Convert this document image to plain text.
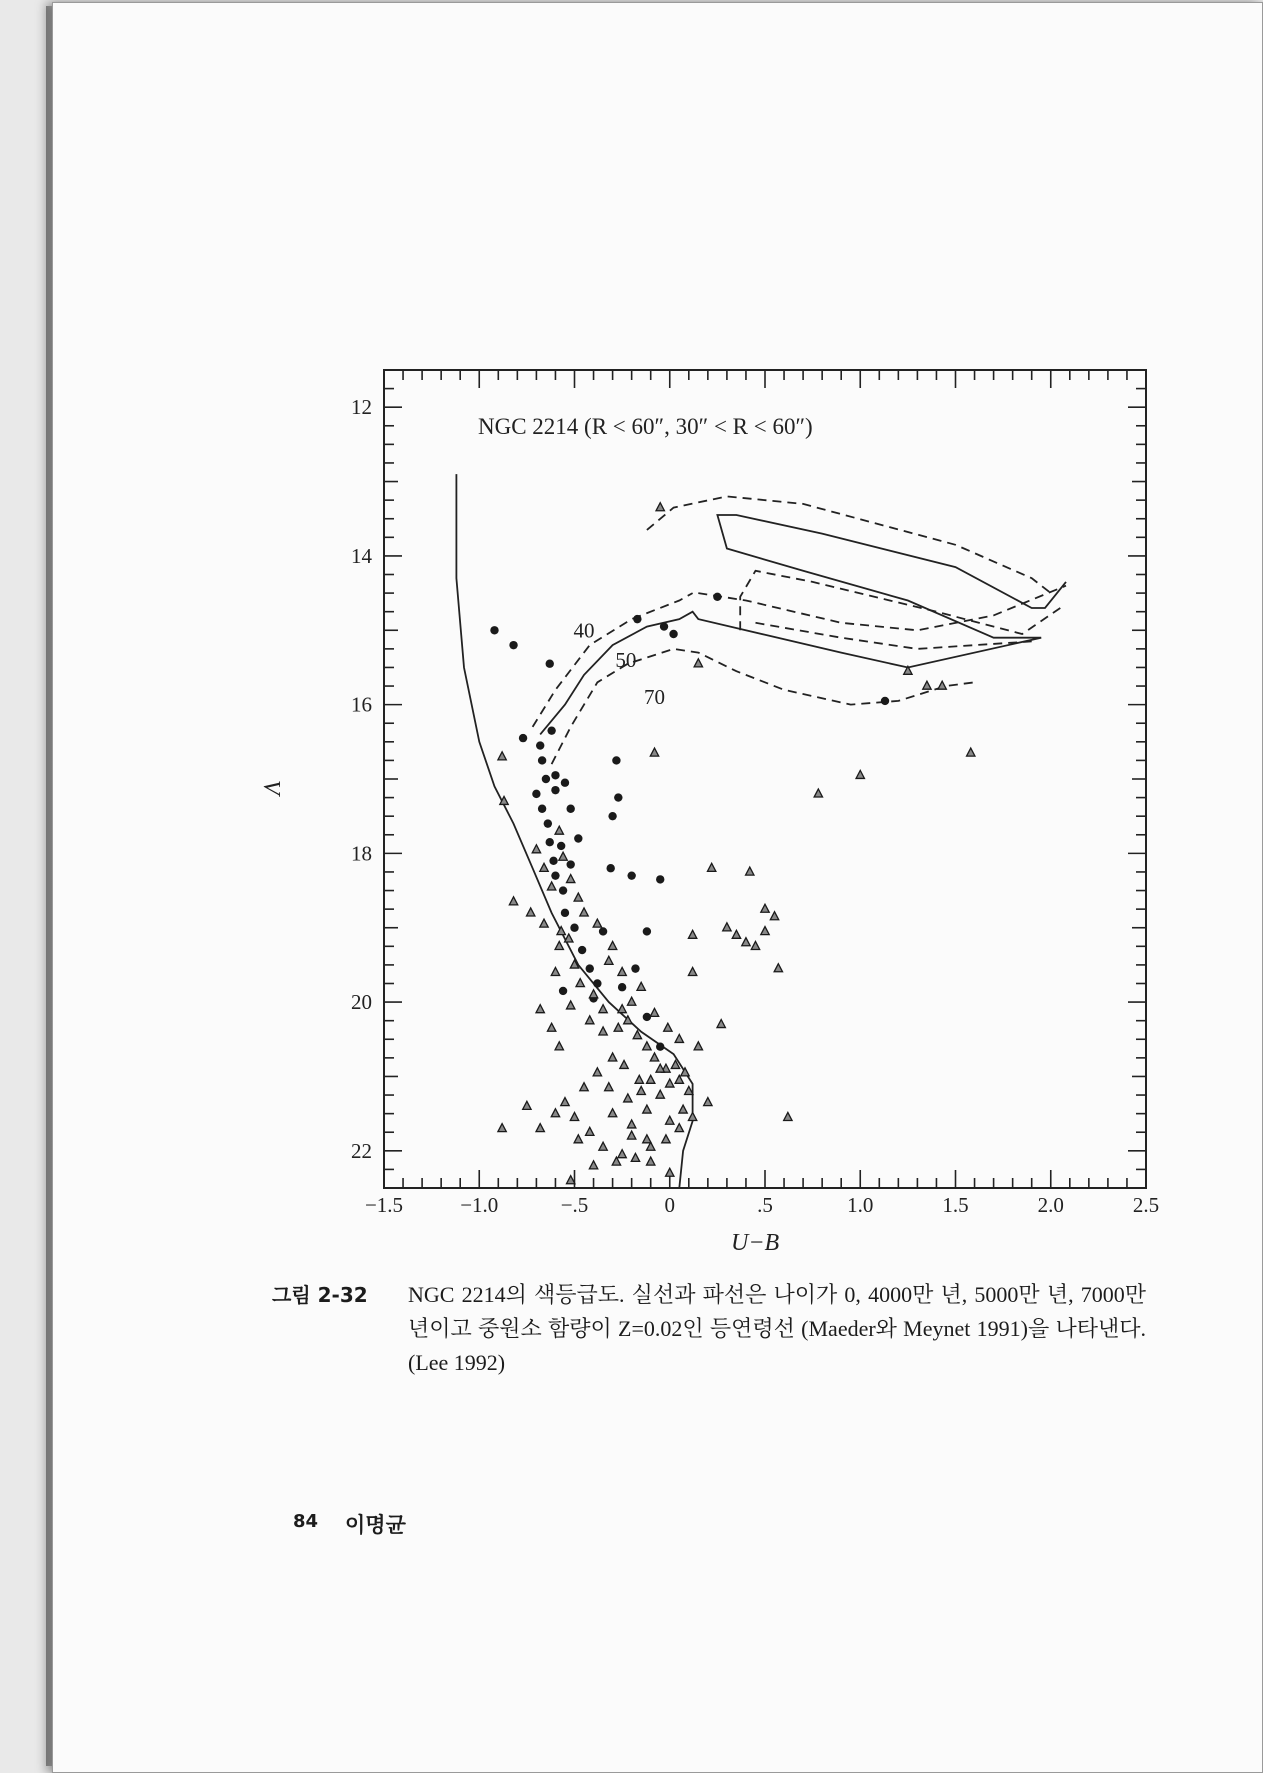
−1.5	−1.0	−.5	0	.5	1.0	1.5	2.0	2.5
12
14
16
18
20
22
40
50
70
NGC 2214 (R < 60″, 30″ < R < 60″)
U−B
V
그림 2-32 NGC 2214의 색등급도. 실선과 파선은 나이가 0, 4000만 년, 5000만 년, 7000만 년이고 중원소 함량이 Z=0.02인 등연령선 (Maeder와 Meynet 1991)을 나타낸다. (Lee 1992)
84 이명균
